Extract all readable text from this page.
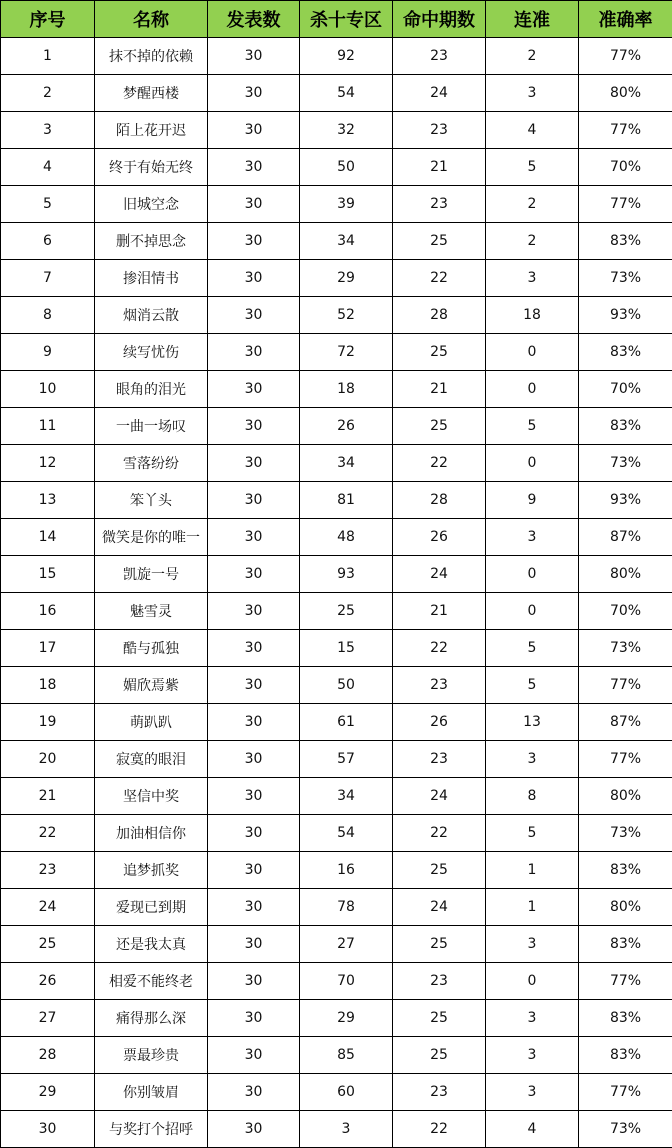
序号	名称	发表数	杀十专区	命中期数	连准	准确率
1	抹不掉的依赖	30	92	23	2	77%
2	梦醒西楼	30	54	24	3	80%
3	陌上花开迟	30	32	23	4	77%
4	终于有始无终	30	50	21	5	70%
5	旧城空念	30	39	23	2	77%
6	删不掉思念	30	34	25	2	83%
7	掺泪情书	30	29	22	3	73%
8	烟消云散	30	52	28	18	93%
9	续写忧伤	30	72	25	0	83%
10	眼角的泪光	30	18	21	0	70%
11	一曲一场叹	30	26	25	5	83%
12	雪落纷纷	30	34	22	0	73%
13	笨丫头	30	81	28	9	93%
14	微笑是你的唯一	30	48	26	3	87%
15	凯旋一号	30	93	24	0	80%
16	魅雪灵	30	25	21	0	70%
17	酷与孤独	30	15	22	5	73%
18	媚欣焉紫	30	50	23	5	77%
19	萌趴趴	30	61	26	13	87%
20	寂寞的眼泪	30	57	23	3	77%
21	坚信中奖	30	34	24	8	80%
22	加油相信你	30	54	22	5	73%
23	追梦抓奖	30	16	25	1	83%
24	爱现已到期	30	78	24	1	80%
25	还是我太真	30	27	25	3	83%
26	相爱不能终老	30	70	23	0	77%
27	痛得那么深	30	29	25	3	83%
28	票最珍贵	30	85	25	3	83%
29	你别皱眉	30	60	23	3	77%
30	与奖打个招呼	30	3	22	4	73%
